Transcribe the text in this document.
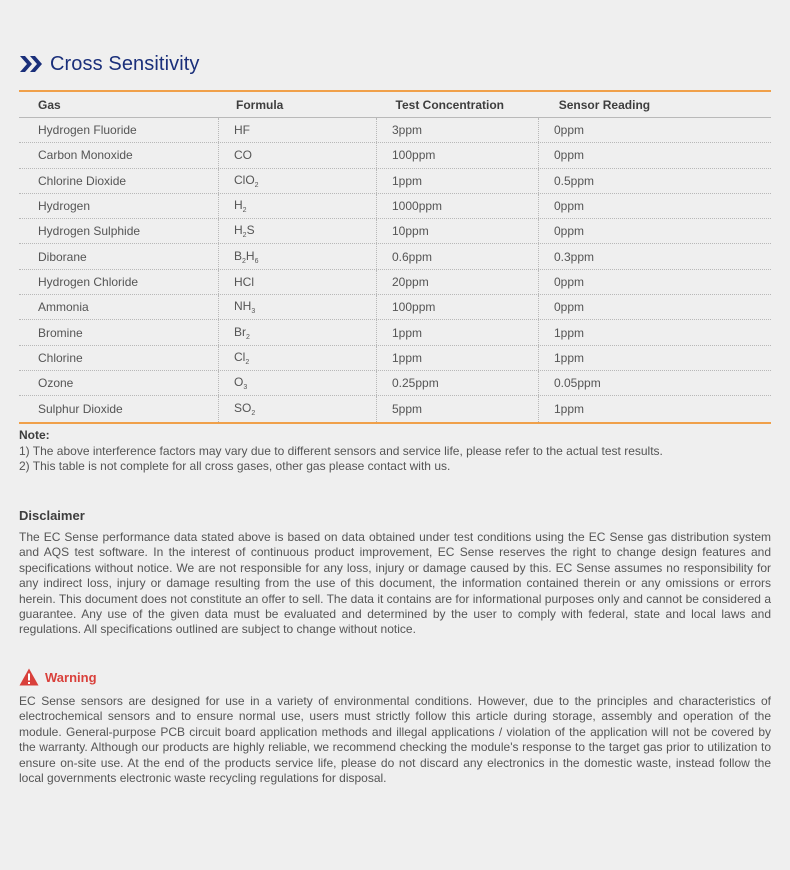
Cross Sensitivity
Gas	Formula	Test Concentration	Sensor Reading
Hydrogen Fluoride	HF	3ppm	0ppm
Carbon Monoxide	CO	100ppm	0ppm
Chlorine Dioxide	ClO$_2$	1ppm	0.5ppm
Hydrogen	$H_2$	1000ppm	0ppm
Hydrogen Sulphide	$H_2S$	10ppm	0ppm
Diborane	$B_2H_6$	0.6ppm	0.3ppm
Hydrogen Chloride	HCl	20ppm	0ppm
Ammonia	$NH_3$	100ppm	0ppm
Bromine	$Br_2$	1ppm	1ppm
Chlorine	$Cl_2$	1ppm	1ppm
Ozone	$O_3$	0.25ppm	0.05ppm
Sulphur Dioxide	$SO_2$	5ppm	1ppm
Note:
1) The above interference factors may vary due to different sensors and service life, please refer to the actual test results.
2) This table is not complete for all cross gases, other gas please contact with us.
Disclaimer
The EC Sense performance data stated above is based on data obtained under test conditions using the EC Sense gas distribution system and AQS test software. In the interest of continuous product improvement, EC Sense reserves the right to change design features and specifications without notice. We are not responsible for any loss, injury or damage caused by this. EC Sense assumes no responsibility for any indirect loss, injury or damage resulting from the use of this document, the information contained therein or any omissions or errors herein. This document does not constitute an offer to sell. The data it contains are for informational purposes only and cannot be considered a guarantee. Any use of the given data must be evaluated and determined by the user to comply with federal, state and local laws and regulations. All specifications outlined are subject to change without notice.
Warning
EC Sense sensors are designed for use in a variety of environmental conditions. However, due to the principles and characteristics of electrochemical sensors and to ensure normal use, users must strictly follow this article during storage, assembly and operation of the module. General-purpose PCB circuit board application methods and illegal applications / violation of the application will not be covered by the warranty. Although our products are highly reliable, we recommend checking the module's response to the target gas prior to utilization to ensure on-site use. At the end of the products service life, please do not discard any electronics in the domestic waste, instead follow the local governments electronic waste recycling regulations for disposal.
